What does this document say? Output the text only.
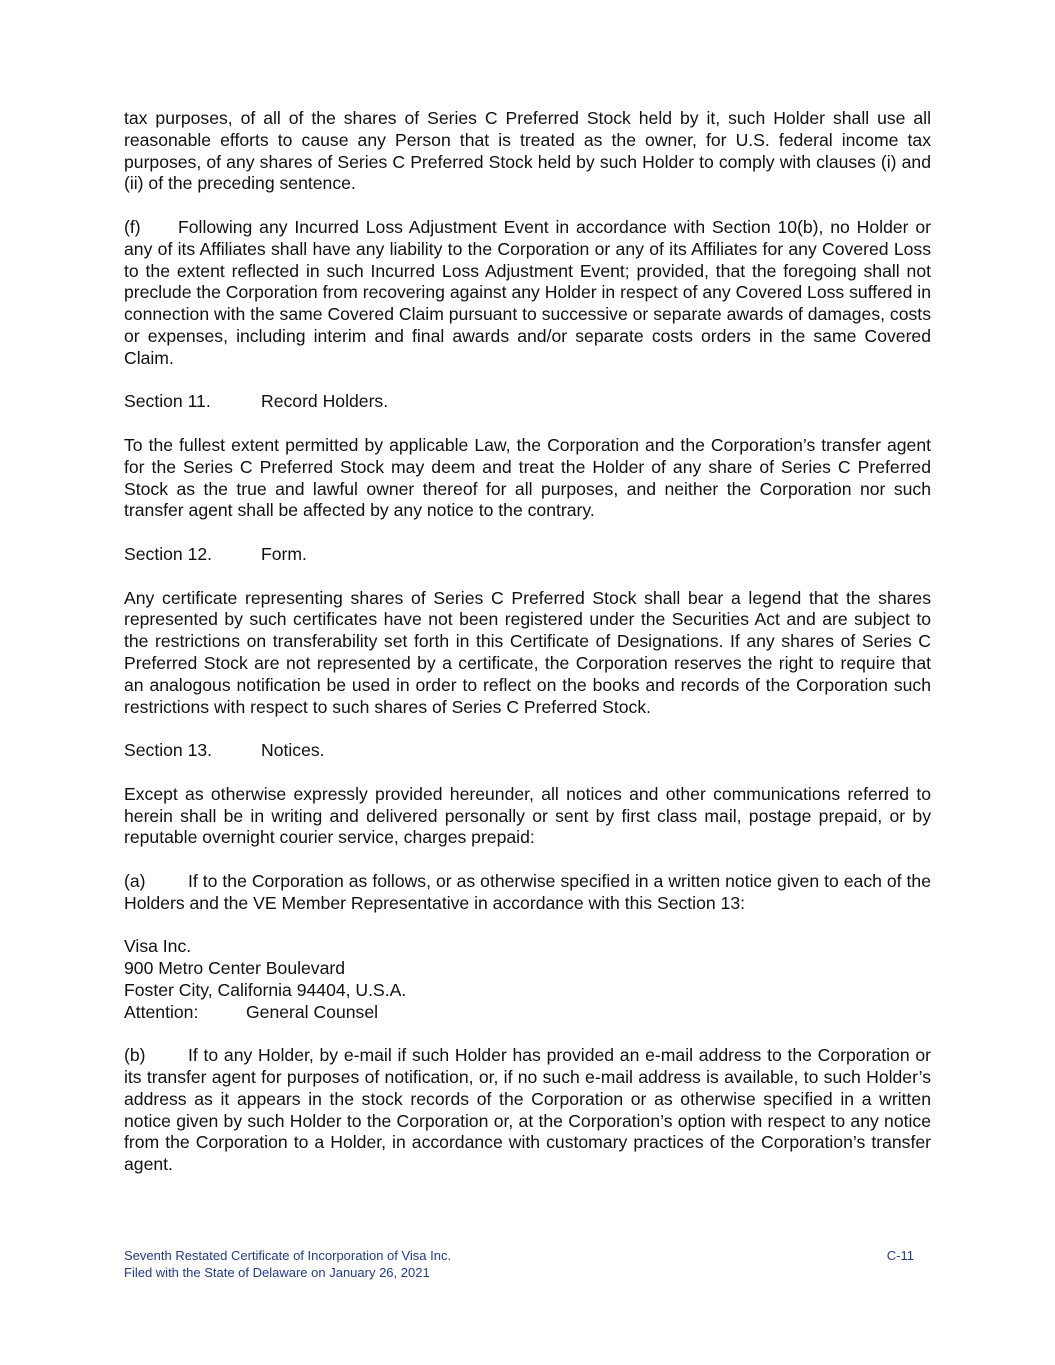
tax purposes, of all of the shares of Series C Preferred Stock held by it, such Holder shall use all reasonable efforts to cause any Person that is treated as the owner, for U.S. federal income tax purposes, of any shares of Series C Preferred Stock held by such Holder to comply with clauses (i) and (ii) of the preceding sentence.

(f) Following any Incurred Loss Adjustment Event in accordance with Section 10(b), no Holder or any of its Affiliates shall have any liability to the Corporation or any of its Affiliates for any Covered Loss to the extent reflected in such Incurred Loss Adjustment Event; provided, that the foregoing shall not preclude the Corporation from recovering against any Holder in respect of any Covered Loss suffered in connection with the same Covered Claim pursuant to successive or separate awards of damages, costs or expenses, including interim and final awards and/or separate costs orders in the same Covered Claim.

Section 11.	Record Holders.

To the fullest extent permitted by applicable Law, the Corporation and the Corporation’s transfer agent for the Series C Preferred Stock may deem and treat the Holder of any share of Series C Preferred Stock as the true and lawful owner thereof for all purposes, and neither the Corporation nor such transfer agent shall be affected by any notice to the contrary.

Section 12.	Form.

Any certificate representing shares of Series C Preferred Stock shall bear a legend that the shares represented by such certificates have not been registered under the Securities Act and are subject to the restrictions on transferability set forth in this Certificate of Designations. If any shares of Series C Preferred Stock are not represented by a certificate, the Corporation reserves the right to require that an analogous notification be used in order to reflect on the books and records of the Corporation such restrictions with respect to such shares of Series C Preferred Stock.

Section 13.	Notices.

Except as otherwise expressly provided hereunder, all notices and other communications referred to herein shall be in writing and delivered personally or sent by first class mail, postage prepaid, or by reputable overnight courier service, charges prepaid:

(a) If to the Corporation as follows, or as otherwise specified in a written notice given to each of the Holders and the VE Member Representative in accordance with this Section 13:

Visa Inc.
900 Metro Center Boulevard
Foster City, California 94404, U.S.A.
Attention:	General Counsel

(b) If to any Holder, by e-mail if such Holder has provided an e-mail address to the Corporation or its transfer agent for purposes of notification, or, if no such e-mail address is available, to such Holder’s address as it appears in the stock records of the Corporation or as otherwise specified in a written notice given by such Holder to the Corporation or, at the Corporation’s option with respect to any notice from the Corporation to a Holder, in accordance with customary practices of the Corporation’s transfer agent.

Seventh Restated Certificate of Incorporation of Visa Inc.
Filed with the State of Delaware on January 26, 2021
C-11
